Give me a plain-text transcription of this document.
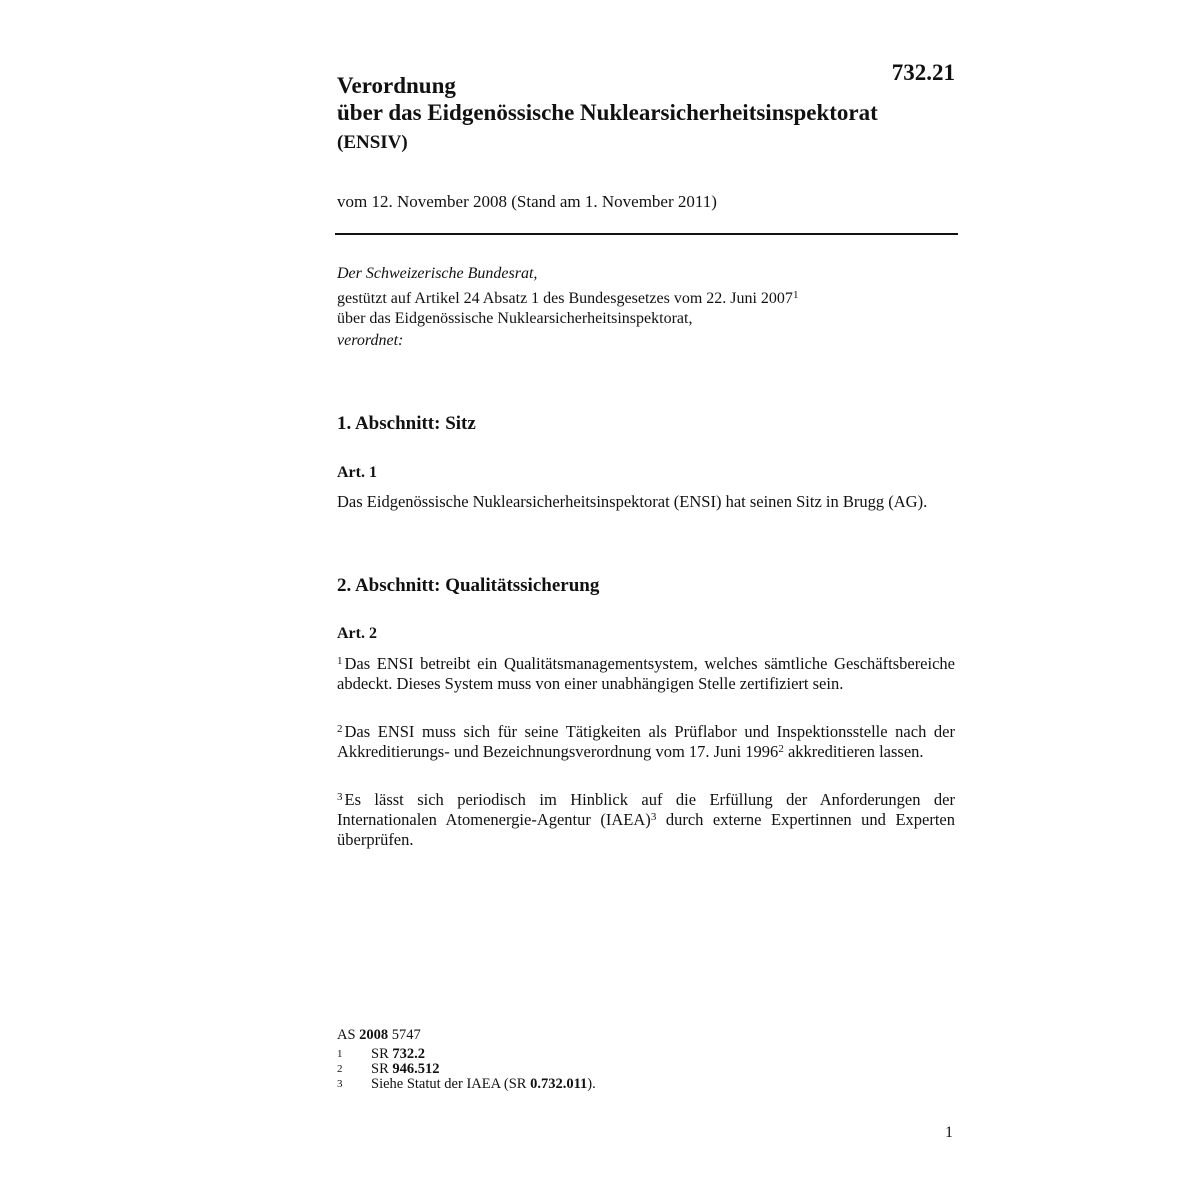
732.21
Verordnung
über das Eidgenössische Nuklearsicherheitsinspektorat
(ENSIV)
vom 12. November 2008 (Stand am 1. November 2011)
Der Schweizerische Bundesrat,
gestützt auf Artikel 24 Absatz 1 des Bundesgesetzes vom 22. Juni 2007$^1$
über das Eidgenössische Nuklearsicherheitsinspektorat,
verordnet:
1. Abschnitt: Sitz
Art. 1

Das Eidgenössische Nuklearsicherheitsinspektorat (ENSI) hat seinen Sitz in Brugg (AG).

2. Abschnitt: Qualitätssicherung
Art. 2

$^1$ Das ENSI betreibt ein Qualitätsmanagementsystem, welches sämtliche Geschäftsbereiche abdeckt. Dieses System muss von einer unabhängigen Stelle zertifiziert sein.

$^2$ Das ENSI muss sich für seine Tätigkeiten als Prüflabor und Inspektionsstelle nach der Akkreditierungs- und Bezeichnungsverordnung vom 17. Juni 1996$^2$ akkreditieren lassen.

$^3$ Es lässt sich periodisch im Hinblick auf die Erfüllung der Anforderungen der Internationalen Atomenergie-Agentur (IAEA)$^3$ durch externe Expertinnen und Experten überprüfen.

AS 2008 5747
1	SR 732.2
2	SR 946.512
3	Siehe Statut der IAEA (SR 0.732.011).
1
